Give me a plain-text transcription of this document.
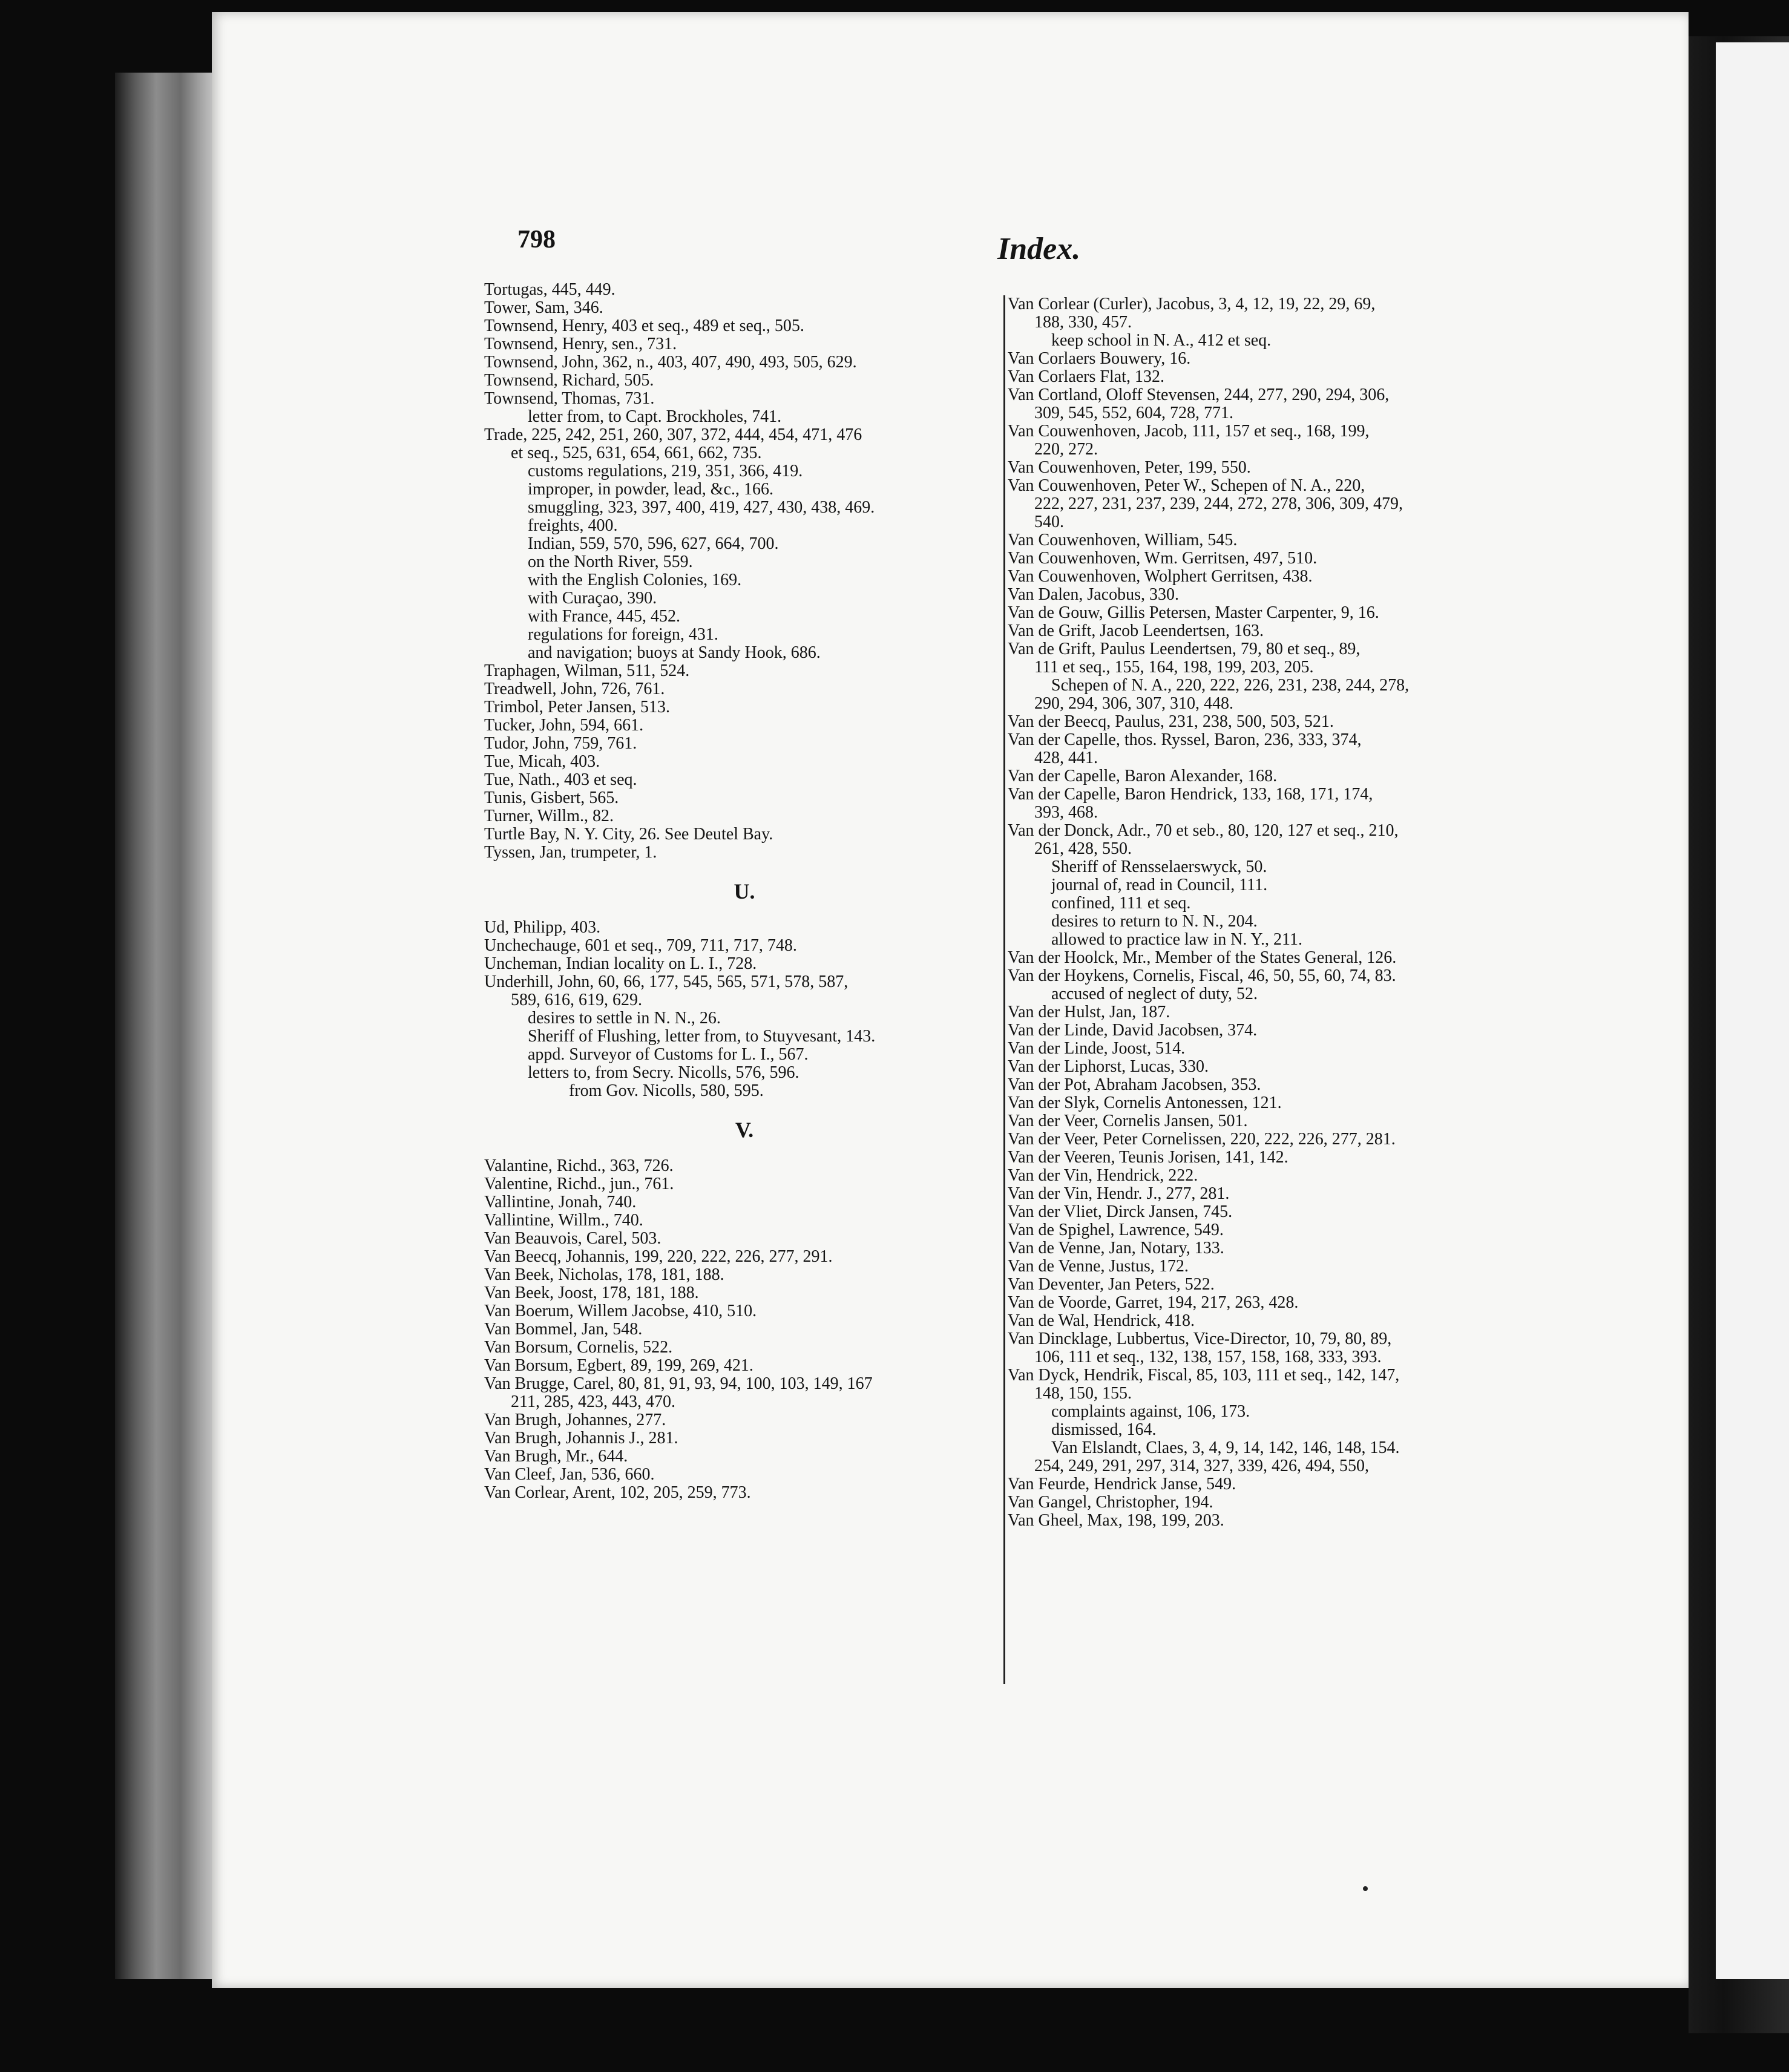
798	Index.
Tortugas, 445, 449.
Tower, Sam, 346.
Townsend, Henry, 403 et seq., 489 et seq., 505.
Townsend, Henry, sen., 731.
Townsend, John, 362, n., 403, 407, 490, 493, 505, 629.
Townsend, Richard, 505.
Townsend, Thomas, 731.
letter from, to Capt. Brockholes, 741.
Trade, 225, 242, 251, 260, 307, 372, 444, 454, 471, 476
et seq., 525, 631, 654, 661, 662, 735.
customs regulations, 219, 351, 366, 419.
improper, in powder, lead, &c., 166.
smuggling, 323, 397, 400, 419, 427, 430, 438, 469.
freights, 400.
Indian, 559, 570, 596, 627, 664, 700.
on the North River, 559.
with the English Colonies, 169.
with Curaçao, 390.
with France, 445, 452.
regulations for foreign, 431.
and navigation; buoys at Sandy Hook, 686.
Traphagen, Wilman, 511, 524.
Treadwell, John, 726, 761.
Trimbol, Peter Jansen, 513.
Tucker, John, 594, 661.
Tudor, John, 759, 761.
Tue, Micah, 403.
Tue, Nath., 403 et seq.
Tunis, Gisbert, 565.
Turner, Willm., 82.
Turtle Bay, N. Y. City, 26. See Deutel Bay.
Tyssen, Jan, trumpeter, 1.
U.
Ud, Philipp, 403.
Unchechauge, 601 et seq., 709, 711, 717, 748.
Uncheman, Indian locality on L. I., 728.
Underhill, John, 60, 66, 177, 545, 565, 571, 578, 587,
589, 616, 619, 629.
desires to settle in N. N., 26.
Sheriff of Flushing, letter from, to Stuyvesant, 143.
appd. Surveyor of Customs for L. I., 567.
letters to, from Secry. Nicolls, 576, 596.
from Gov. Nicolls, 580, 595.
V.
Valantine, Richd., 363, 726.
Valentine, Richd., jun., 761.
Vallintine, Jonah, 740.
Vallintine, Willm., 740.
Van Beauvois, Carel, 503.
Van Beecq, Johannis, 199, 220, 222, 226, 277, 291.
Van Beek, Nicholas, 178, 181, 188.
Van Beek, Joost, 178, 181, 188.
Van Boerum, Willem Jacobse, 410, 510.
Van Bommel, Jan, 548.
Van Borsum, Cornelis, 522.
Van Borsum, Egbert, 89, 199, 269, 421.
Van Brugge, Carel, 80, 81, 91, 93, 94, 100, 103, 149, 167
211, 285, 423, 443, 470.
Van Brugh, Johannes, 277.
Van Brugh, Johannis J., 281.
Van Brugh, Mr., 644.
Van Cleef, Jan, 536, 660.
Van Corlear, Arent, 102, 205, 259, 773.
Van Corlear (Curler), Jacobus, 3, 4, 12, 19, 22, 29, 69,
188, 330, 457.
keep school in N. A., 412 et seq.
Van Corlaers Bouwery, 16.
Van Corlaers Flat, 132.
Van Cortland, Oloff Stevensen, 244, 277, 290, 294, 306,
309, 545, 552, 604, 728, 771.
Van Couwenhoven, Jacob, 111, 157 et seq., 168, 199,
220, 272.
Van Couwenhoven, Peter, 199, 550.
Van Couwenhoven, Peter W., Schepen of N. A., 220,
222, 227, 231, 237, 239, 244, 272, 278, 306, 309, 479,
540.
Van Couwenhoven, William, 545.
Van Couwenhoven, Wm. Gerritsen, 497, 510.
Van Couwenhoven, Wolphert Gerritsen, 438.
Van Dalen, Jacobus, 330.
Van de Gouw, Gillis Petersen, Master Carpenter, 9, 16.
Van de Grift, Jacob Leendertsen, 163.
Van de Grift, Paulus Leendertsen, 79, 80 et seq., 89,
111 et seq., 155, 164, 198, 199, 203, 205.
Schepen of N. A., 220, 222, 226, 231, 238, 244, 278,
290, 294, 306, 307, 310, 448.
Van der Beecq, Paulus, 231, 238, 500, 503, 521.
Van der Capelle, thos. Ryssel, Baron, 236, 333, 374,
428, 441.
Van der Capelle, Baron Alexander, 168.
Van der Capelle, Baron Hendrick, 133, 168, 171, 174,
393, 468.
Van der Donck, Adr., 70 et seb., 80, 120, 127 et seq., 210,
261, 428, 550.
Sheriff of Rensselaerswyck, 50.
journal of, read in Council, 111.
confined, 111 et seq.
desires to return to N. N., 204.
allowed to practice law in N. Y., 211.
Van der Hoolck, Mr., Member of the States General, 126.
Van der Hoykens, Cornelis, Fiscal, 46, 50, 55, 60, 74, 83.
accused of neglect of duty, 52.
Van der Hulst, Jan, 187.
Van der Linde, David Jacobsen, 374.
Van der Linde, Joost, 514.
Van der Liphorst, Lucas, 330.
Van der Pot, Abraham Jacobsen, 353.
Van der Slyk, Cornelis Antonessen, 121.
Van der Veer, Cornelis Jansen, 501.
Van der Veer, Peter Cornelissen, 220, 222, 226, 277, 281.
Van der Veeren, Teunis Jorisen, 141, 142.
Van der Vin, Hendrick, 222.
Van der Vin, Hendr. J., 277, 281.
Van der Vliet, Dirck Jansen, 745.
Van de Spighel, Lawrence, 549.
Van de Venne, Jan, Notary, 133.
Van de Venne, Justus, 172.
Van Deventer, Jan Peters, 522.
Van de Voorde, Garret, 194, 217, 263, 428.
Van de Wal, Hendrick, 418.
Van Dincklage, Lubbertus, Vice-Director, 10, 79, 80, 89,
106, 111 et seq., 132, 138, 157, 158, 168, 333, 393.
Van Dyck, Hendrik, Fiscal, 85, 103, 111 et seq., 142, 147,
148, 150, 155.
complaints against, 106, 173.
dismissed, 164.
Van Elslandt, Claes, 3, 4, 9, 14, 142, 146, 148, 154.
254, 249, 291, 297, 314, 327, 339, 426, 494, 550,
Van Feurde, Hendrick Janse, 549.
Van Gangel, Christopher, 194.
Van Gheel, Max, 198, 199, 203.
